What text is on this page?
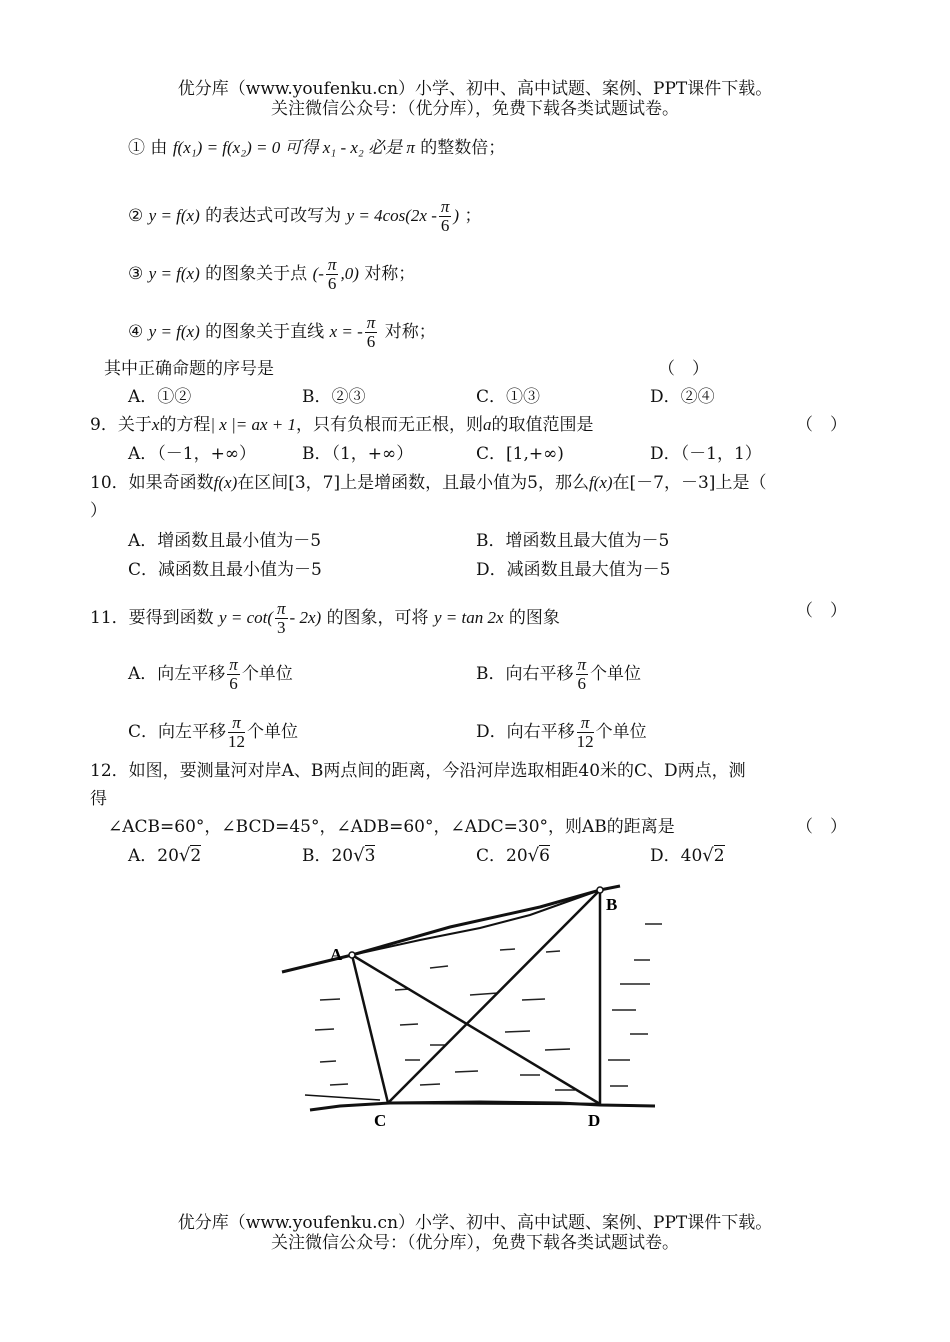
优分库（www.youfenku.cn）小学、初中、高中试题、案例、PPT课件下载。
关注微信公众号：（优分库），免费下载各类试题试卷。
① 由 f(x₁) = f(x₂) = 0 可得 x₁ - x₂ 必是 π 的整数倍；
② y = f(x) 的表达式可改写为 $y = 4\cos(2x - \frac{\pi}{6}$ ) ；
③ y = f(x) 的图象关于点 (- $\frac{\pi}{6} ,0$) 对称；
④ y = f(x) 的图象关于直线 x = - $\frac{\pi}{6}$ 对称；
其中正确命题的序号是	（　）
A．①②	B．②③	C．①③	D．②④
9．关于x的方程| x |= ax + 1，只有负根而无正根，则a的取值范围是	（　）
A．（－1，+∞）	B．（1，+∞）	C．[1,+∞)	D．（－1，1）
10．如果奇函数f(x)在区间[3，7]上是增函数，且最小值为5，那么f(x)在[－7，－3]上是（
）
A．增函数且最小值为－5	B．增函数且最大值为－5
C．减函数且最小值为－5	D．减函数且最大值为－5
11．要得到函数 $y = \cot( \frac{\pi}{3} - 2x)$ 的图象，可将 y = tan 2x 的图象	（　）
A．向左平移 $\frac{\pi}{6}$ 个单位	B．向右平移 $\frac{\pi}{6}$ 个单位
C．向左平移 $\frac{\pi}{12}$ 个单位	D．向右平移 $\frac{\pi}{12}$ 个单位
12．如图，要测量河对岸A、B两点间的距离，今沿河岸选取相距40米的C、D两点，测
得
∠ACB=60°，∠BCD=45°，∠ADB=60°，∠ADC=30°，则AB的距离是	（　）
A．20√2	B．20√3	C．20√6	D．40√2
A
B
C	D
优分库（www.youfenku.cn）小学、初中、高中试题、案例、PPT课件下载。
关注微信公众号：（优分库），免费下载各类试题试卷。
